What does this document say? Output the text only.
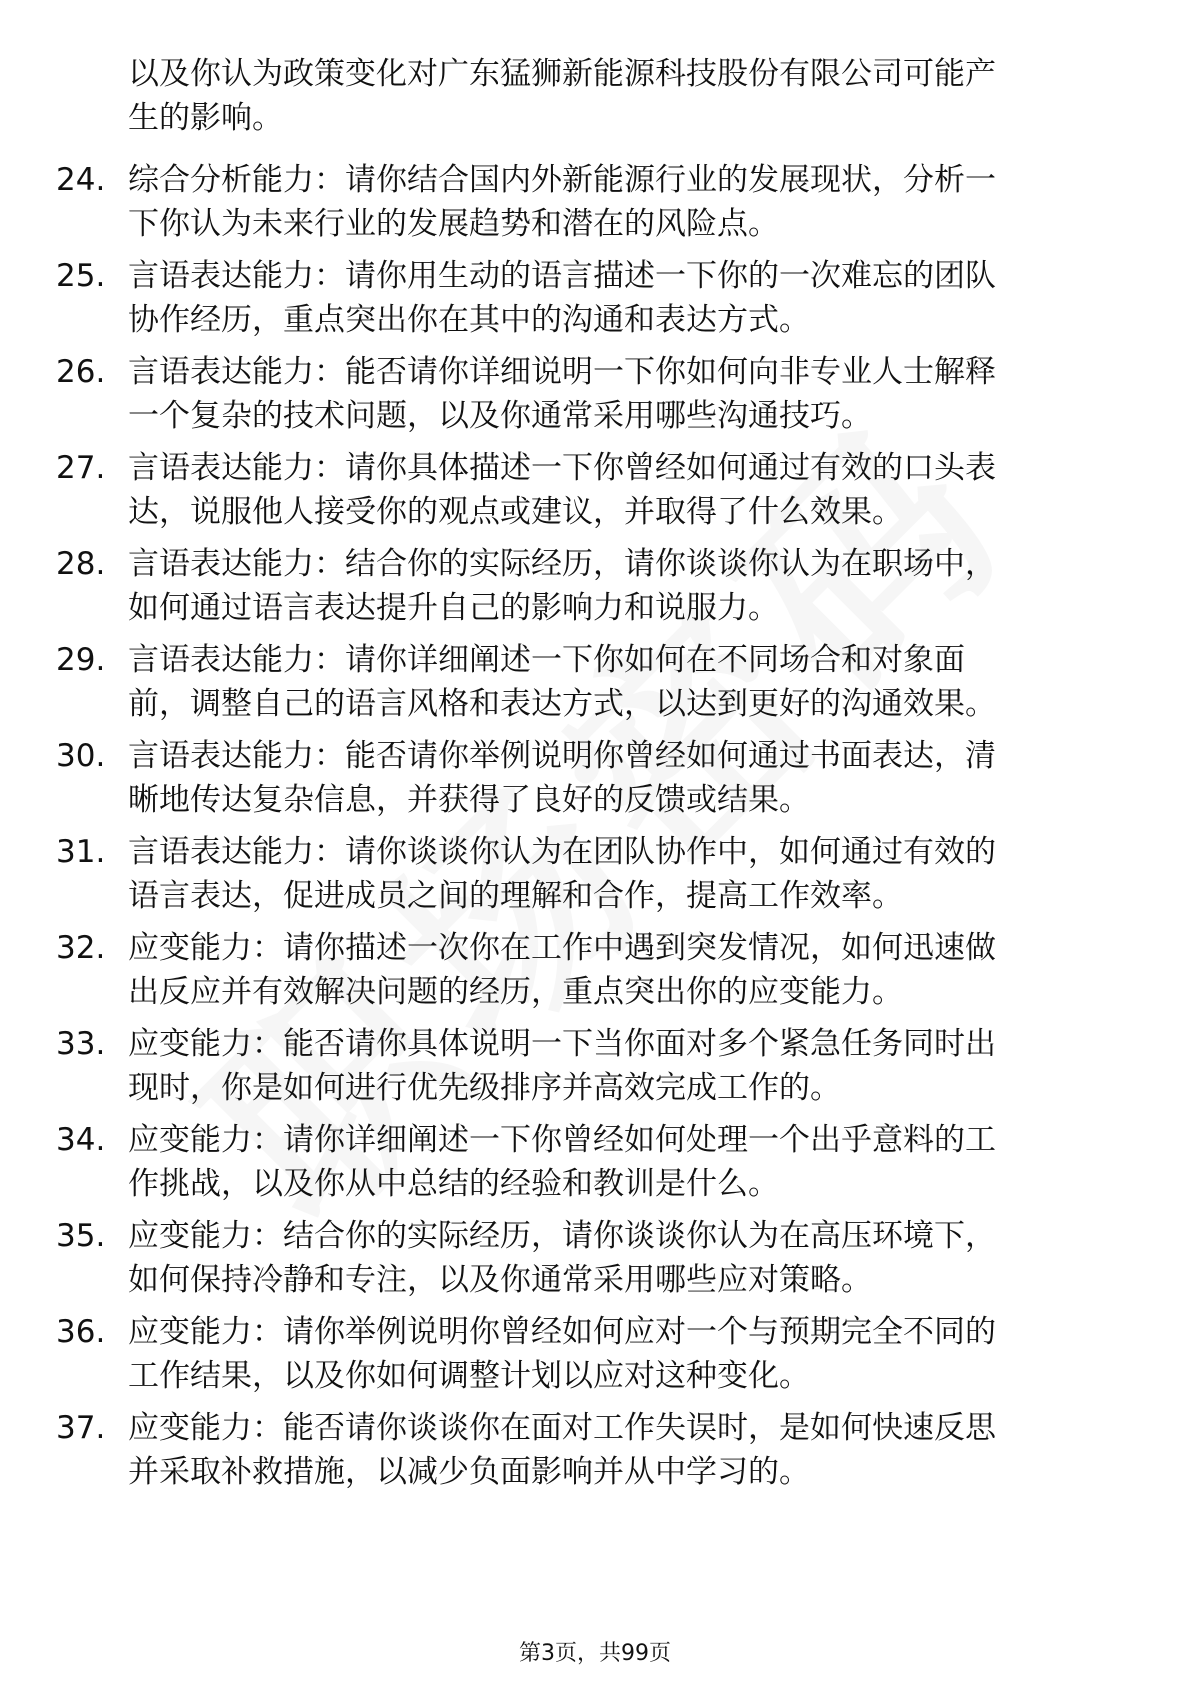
以及你认为政策变化对广东猛狮新能源科技股份有限公司可能产
生的影响。
24. 综合分析能力：请你结合国内外新能源行业的发展现状，分析一
下你认为未来行业的发展趋势和潜在的风险点。
25. 言语表达能力：请你用生动的语言描述一下你的一次难忘的团队
协作经历，重点突出你在其中的沟通和表达方式。
26. 言语表达能力：能否请你详细说明一下你如何向非专业人士解释
一个复杂的技术问题，以及你通常采用哪些沟通技巧。
27. 言语表达能力：请你具体描述一下你曾经如何通过有效的口头表
达，说服他人接受你的观点或建议，并取得了什么效果。
28. 言语表达能力：结合你的实际经历，请你谈谈你认为在职场中，
如何通过语言表达提升自己的影响力和说服力。
29. 言语表达能力：请你详细阐述一下你如何在不同场合和对象面
前，调整自己的语言风格和表达方式，以达到更好的沟通效果。
30. 言语表达能力：能否请你举例说明你曾经如何通过书面表达，清
晰地传达复杂信息，并获得了良好的反馈或结果。
31. 言语表达能力：请你谈谈你认为在团队协作中，如何通过有效的
语言表达，促进成员之间的理解和合作，提高工作效率。
32. 应变能力：请你描述一次你在工作中遇到突发情况，如何迅速做
出反应并有效解决问题的经历，重点突出你的应变能力。
33. 应变能力：能否请你具体说明一下当你面对多个紧急任务同时出
现时，你是如何进行优先级排序并高效完成工作的。
34. 应变能力：请你详细阐述一下你曾经如何处理一个出乎意料的工
作挑战，以及你从中总结的经验和教训是什么。
35. 应变能力：结合你的实际经历，请你谈谈你认为在高压环境下，
如何保持冷静和专注，以及你通常采用哪些应对策略。
36. 应变能力：请你举例说明你曾经如何应对一个与预期完全不同的
工作结果，以及你如何调整计划以应对这种变化。
37. 应变能力：能否请你谈谈你在面对工作失误时，是如何快速反思
并采取补救措施，以减少负面影响并从中学习的。
第3页，共99页
